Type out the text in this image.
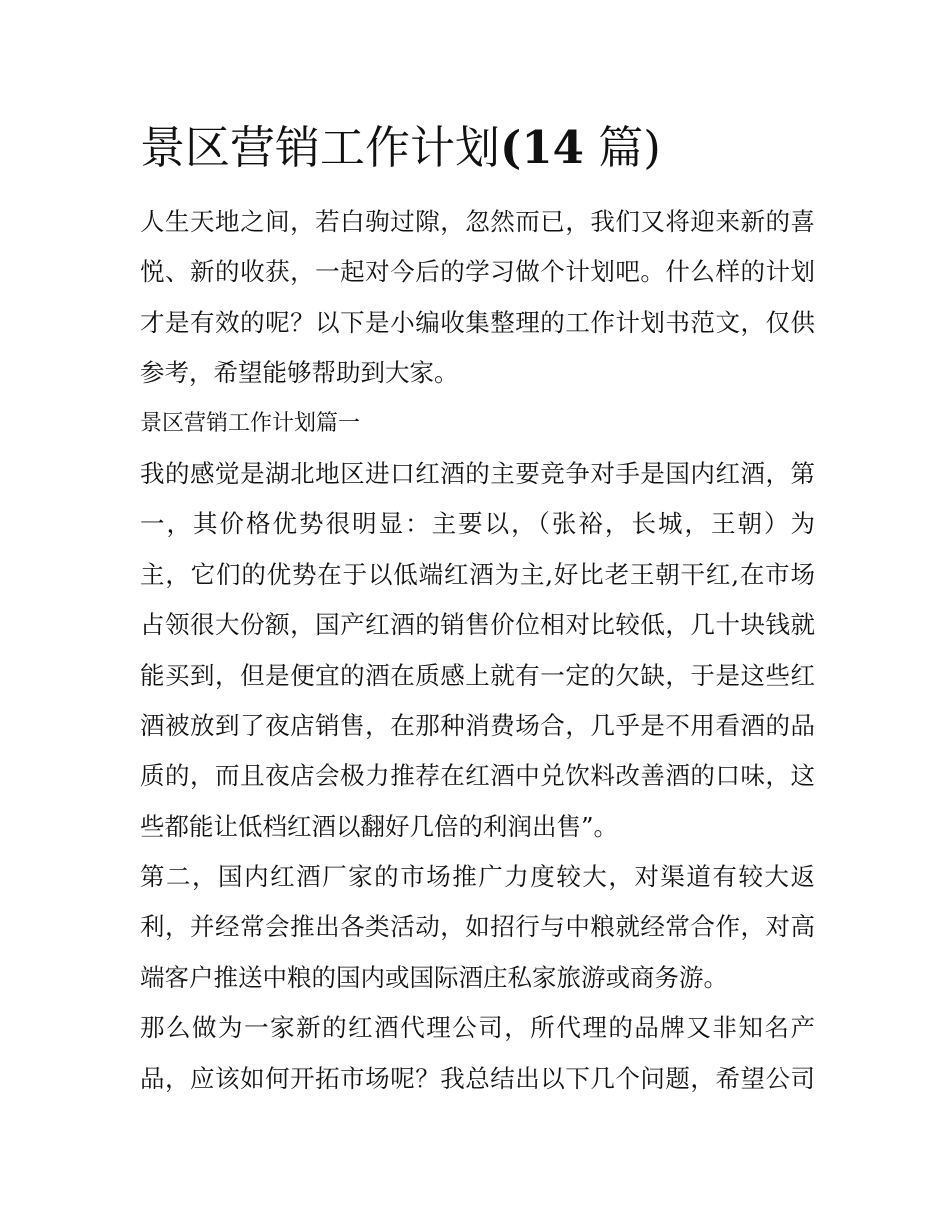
景区营销工作计划(14 篇)
人生天地之间，若白驹过隙，忽然而已，我们又将迎来新的喜
悦、新的收获，一起对今后的学习做个计划吧。什么样的计划
才是有效的呢？以下是小编收集整理的工作计划书范文，仅供
参考，希望能够帮助到大家。
景区营销工作计划篇一
我的感觉是湖北地区进口红酒的主要竞争对手是国内红酒，第
一，其价格优势很明显：主要以，（张裕，长城，王朝）为
主，它们的优势在于以低端红酒为主,好比老王朝干红,在市场
占领很大份额，国产红酒的销售价位相对比较低，几十块钱就
能买到，但是便宜的酒在质感上就有一定的欠缺，于是这些红
酒被放到了夜店销售，在那种消费场合，几乎是不用看酒的品
质的，而且夜店会极力推荐在红酒中兑饮料改善酒的口味，这
些都能让低档红酒以翻好几倍的利润出售”。
第二，国内红酒厂家的市场推广力度较大，对渠道有较大返
利，并经常会推出各类活动，如招行与中粮就经常合作，对高
端客户推送中粮的国内或国际酒庄私家旅游或商务游。
那么做为一家新的红酒代理公司，所代理的品牌又非知名产
品，应该如何开拓市场呢？我总结出以下几个问题，希望公司
